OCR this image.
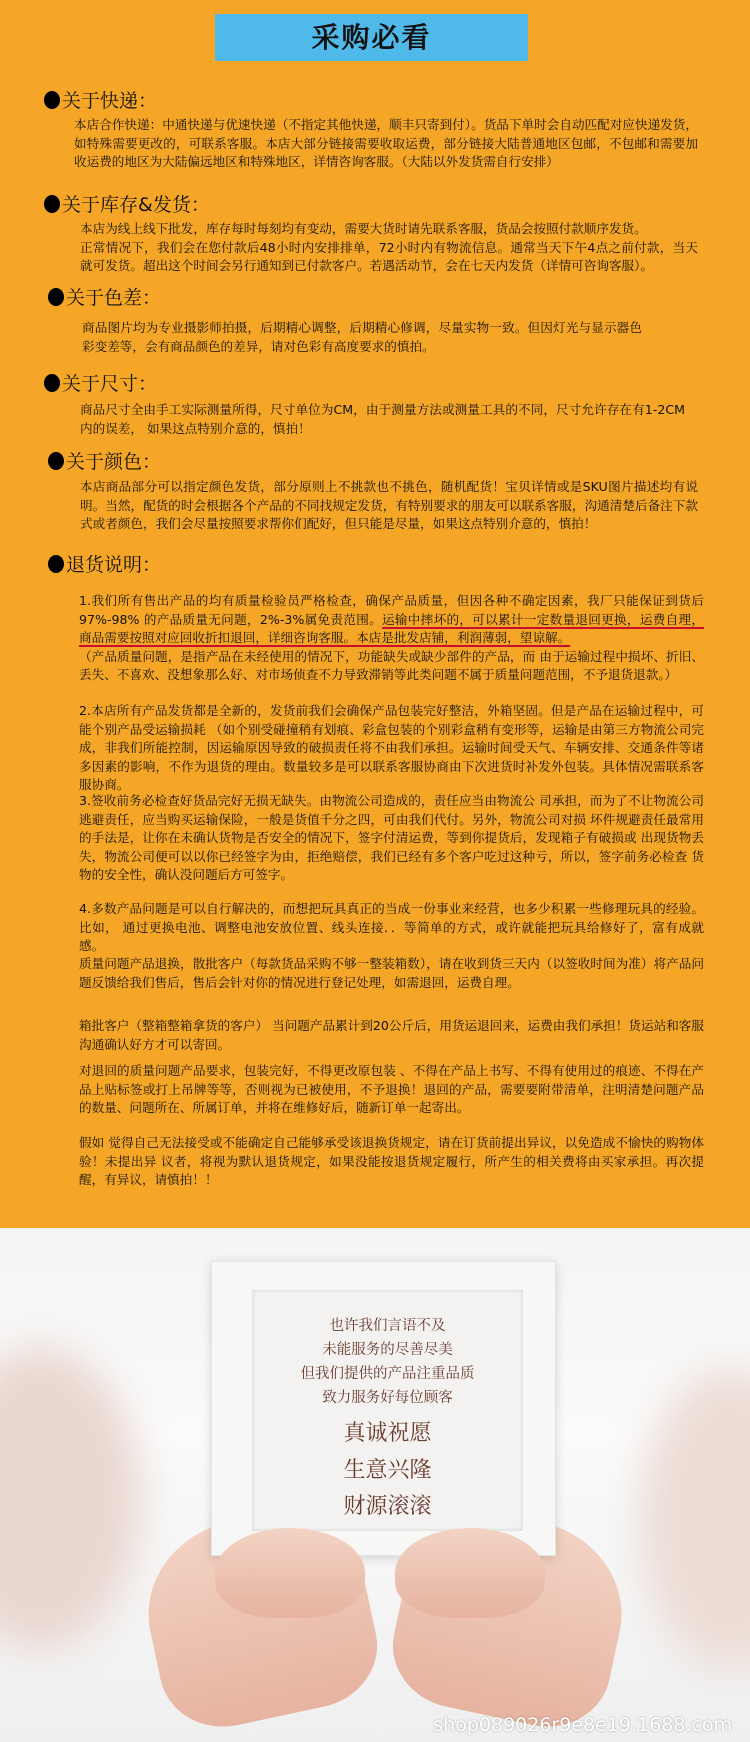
采购必看
关于快递：
本店合作快递：中通快递与优速快递（不指定其他快递，顺丰只寄到付）。货品下单时会自动匹配对应快递发货，如特殊需要更改的，可联系客服。本店大部分链接需要收取运费，部分链接大陆普通地区包邮，不包邮和需要加收运费的地区为大陆偏远地区和特殊地区，详情咨询客服。（大陆以外发货需自行安排）
关于库存&发货：
本店为线上线下批发，库存每时每刻均有变动，需要大货时请先联系客服，货品会按照付款顺序发货。
正常情况下，我们会在您付款后48小时内安排排单，72小时内有物流信息。通常当天下午4点之前付款，当天就可发货。超出这个时间会另行通知到已付款客户。若遇活动节，会在七天内发货（详情可咨询客服）。
关于色差：
商品图片均为专业摄影师拍摄，后期精心调整，后期精心修调，尽量实物一致。但因灯光与显示器色彩变差等，会有商品颜色的差异，请对色彩有高度要求的慎拍。
关于尺寸：
商品尺寸全由手工实际测量所得，尺寸单位为CM，由于测量方法或测量工具的不同，尺寸允许存在有1-2CM内的误差， 如果这点特别介意的，慎拍！
关于颜色：
本店商品部分可以指定颜色发货，部分原则上不挑款也不挑色，随机配货！宝贝详情或是SKU图片描述均有说明。当然，配货的时会根据各个产品的不同找规定发货，有特别要求的朋友可以联系客服，沟通清楚后备注下款式或者颜色，我们会尽量按照要求帮你们配好，但只能是尽量，如果这点特别介意的，慎拍！
退货说明：
1.我们所有售出产品的均有质量检验员严格检查，确保产品质量，但因各种不确定因素，我厂只能保证到货后97%-98% 的产品质量无问题，2%-3%属免责范围。运输中摔坏的，可以累计一定数量退回更换，运费自理，商品需要按照对应回收折扣退回，详细咨询客服。本店是批发店铺，利润薄弱，望谅解。
（产品质量问题，是指产品在未经使用的情况下，功能缺失或缺少部件的产品，而 由于运输过程中损坏、折旧、丢失、不喜欢、没想象那么好、对市场侦查不力导致滞销等此类问题不属于质量问题范围，不予退货退款。）
2.本店所有产品发货都是全新的，发货前我们会确保产品包装完好整洁，外箱坚固。但是产品在运输过程中，可能个别产品受运输损耗 （如个别受碰撞稍有划痕、彩盒包装的个别彩盒稍有变形等，运输是由第三方物流公司完成，非我们所能控制，因运输原因导致的破损责任将不由我们承担。运输时间受天气、车辆安排、交通条件等诸多因素的影响，不作为退货的理由。数量较多是可以联系客服协商由下次进货时补发外包装。具体情况需联系客服协商。
3.签收前务必检查好货品完好无损无缺失。由物流公司造成的，责任应当由物流公 司承担，而为了不让物流公司逃避责任，应当购买运输保险，一般是货值千分之四，可由我们代付。另外，物流公司对损 坏件规避责任最常用的手法是，让你在未确认货物是否安全的情况下，签字付清运费，等到你提货后，发现箱子有破损或 出现货物丢失，物流公司便可以以你已经签字为由，拒绝赔偿，我们已经有多个客户吃过这种亏，所以，签字前务必检查 货物的安全性，确认没问题后方可签字。
4.多数产品问题是可以自行解决的，而想把玩具真正的当成一份事业来经营，也多少积累一些修理玩具的经验。比如， 通过更换电池、调整电池安放位置、线头连接．．等简单的方式，或许就能把玩具给修好了，富有成就感。
质量问题产品退换，散批客户（每款货品采购不够一整装箱数），请在收到货三天内（以签收时间为准）将产品问题反馈给我们售后，售后会针对你的情况进行登记处理，如需退回，运费自理。
箱批客户（整箱整箱拿货的客户） 当问题产品累计到20公斤后，用货运退回来，运费由我们承担！货运站和客服沟通确认好方才可以寄回。
对退回的质量问题产品要求，包装完好，不得更改原包装 、不得在产品上书写、不得有使用过的痕迹、不得在产品上贴标签或打上吊牌等等，否则视为已被使用，不予退换！退回的产品，需要要附带清单，注明清楚问题产品的数量、问题所在、所属订单，并将在维修好后，随新订单一起寄出。
假如 觉得自己无法接受或不能确定自己能够承受该退换货规定，请在订货前提出异议，以免造成不愉快的购物体验！未提出异 议者，将视为默认退货规定，如果没能按退货规定履行，所产生的相关费将由买家承担。再次提醒，有异议，请慎拍！！
也许我们言语不及
未能服务的尽善尽美
但我们提供的产品注重品质
致力服务好每位顾客
真诚祝愿
生意兴隆
财源滚滚
shop089026r9e8e19.1688.com
